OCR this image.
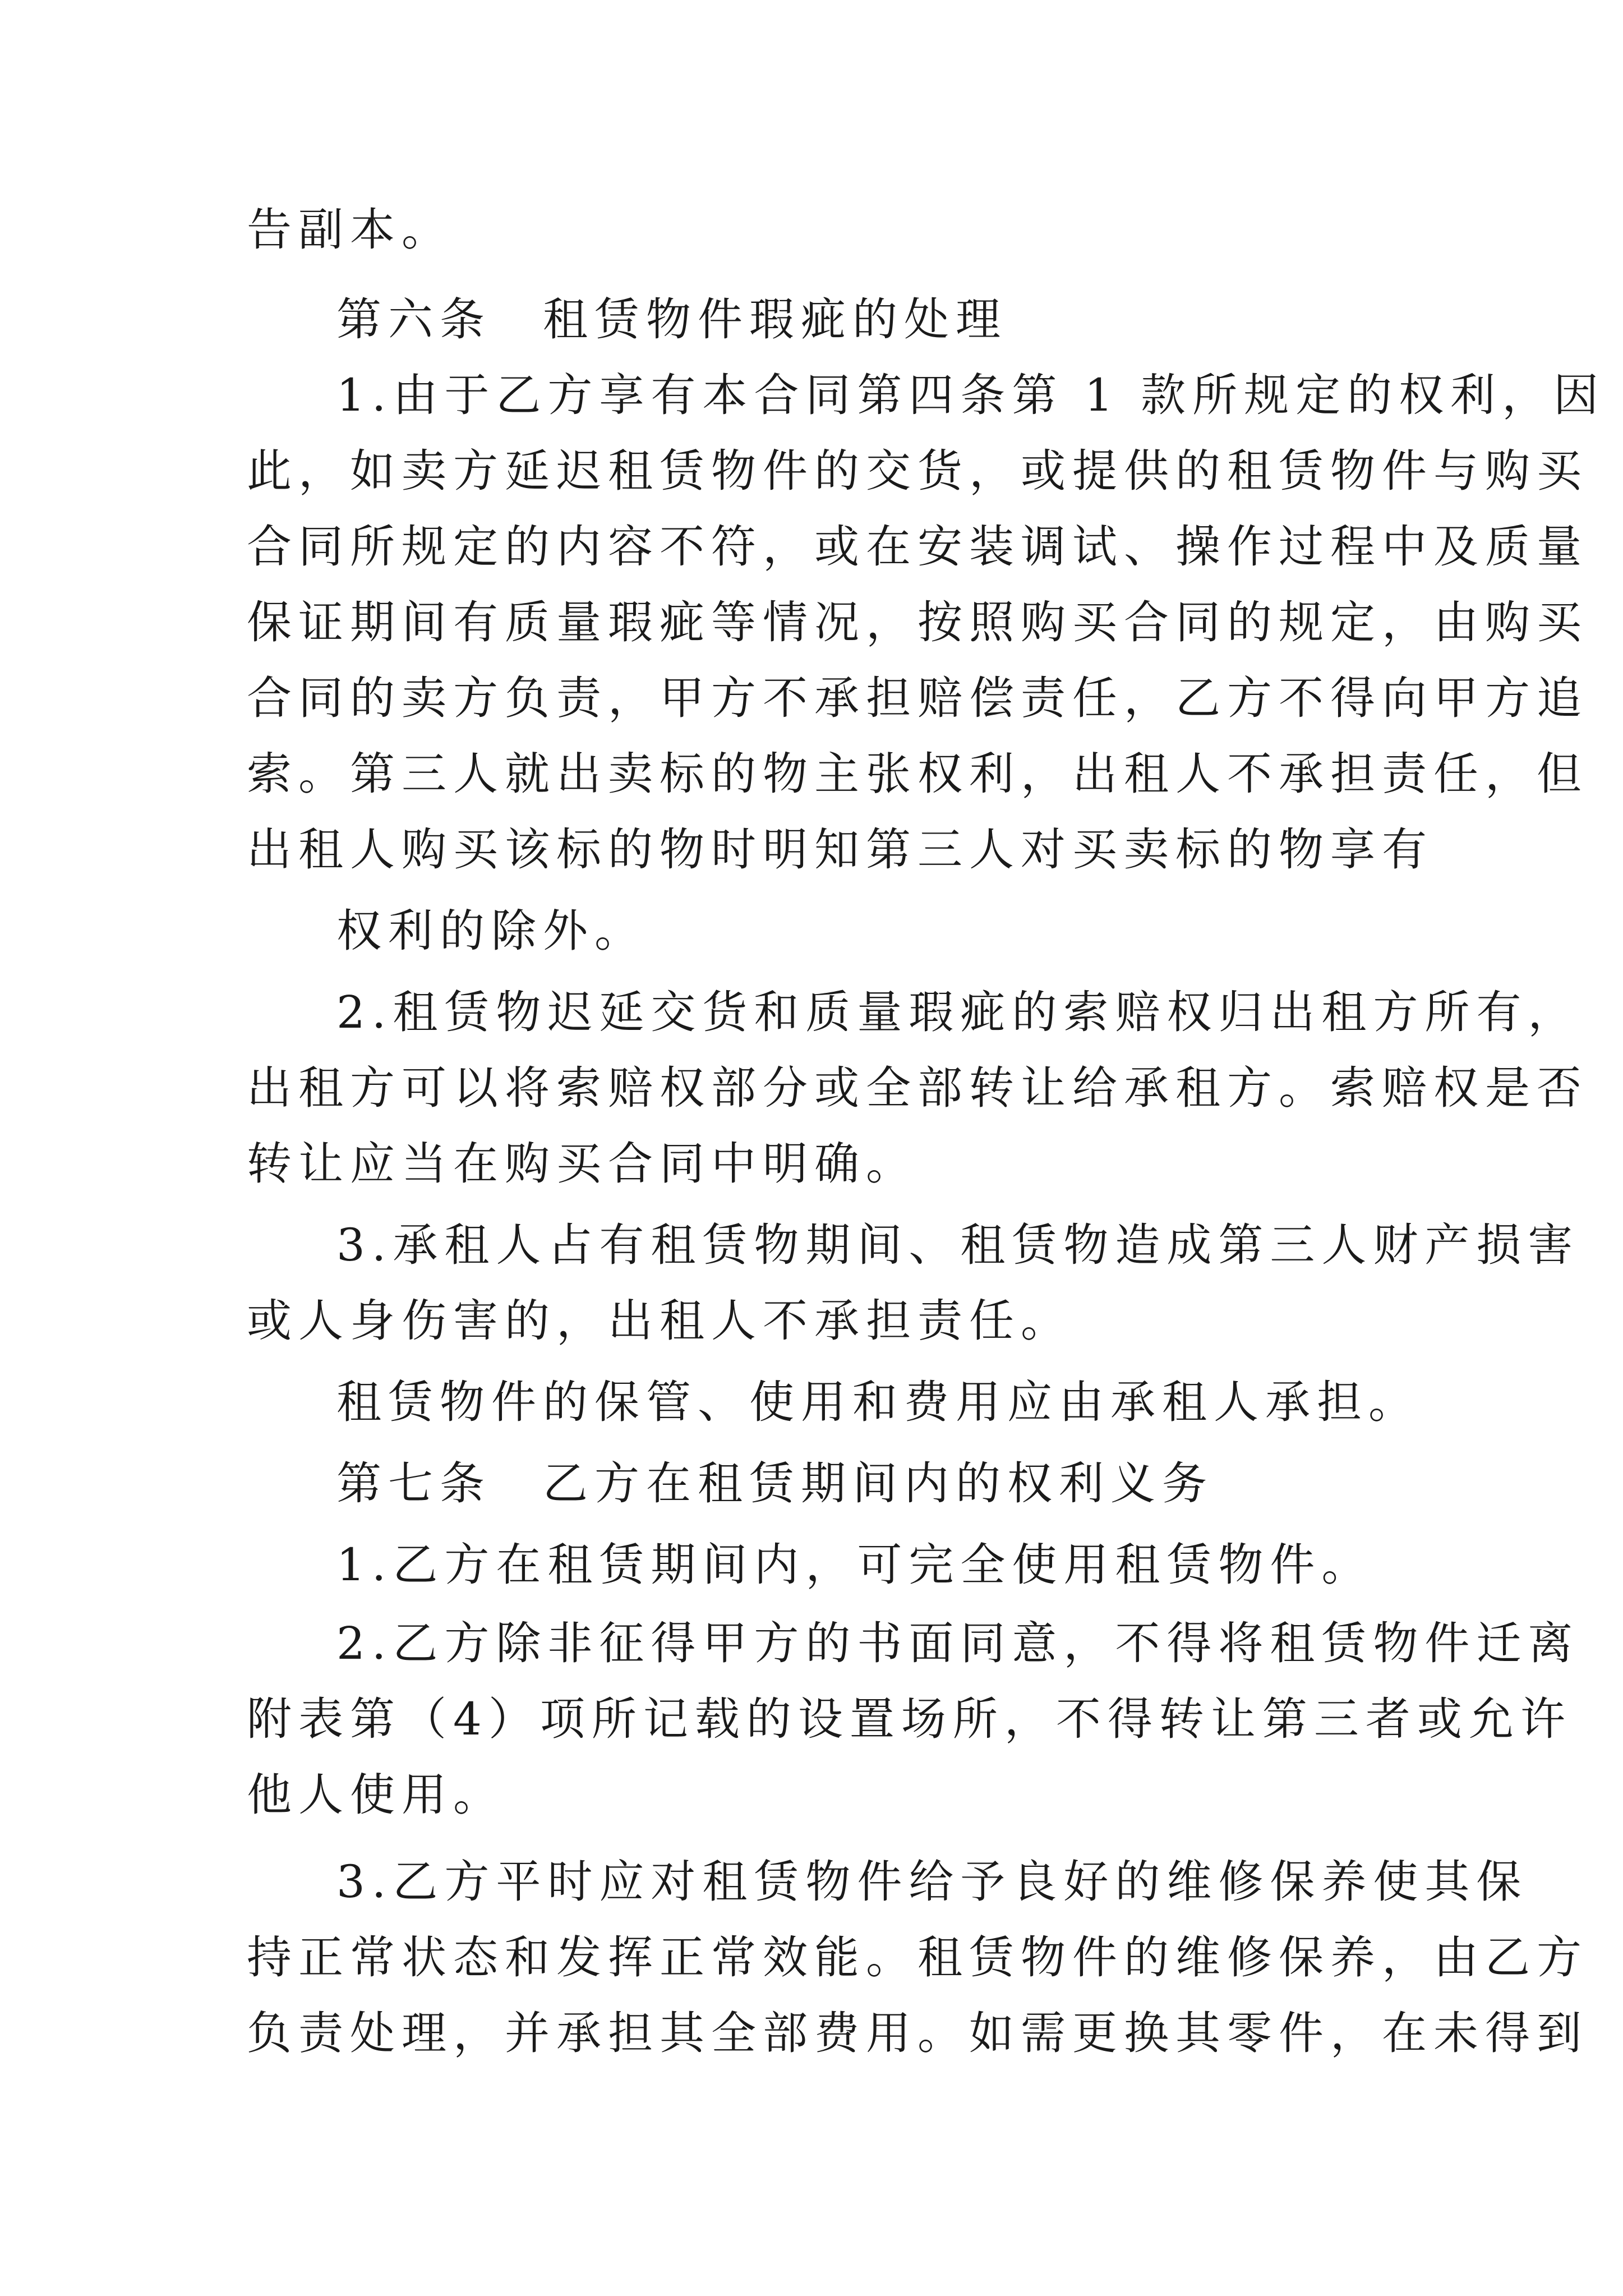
告副本。
第六条　租赁物件瑕疵的处理
1.由于乙方享有本合同第四条第 1 款所规定的权利，因
此，如卖方延迟租赁物件的交货，或提供的租赁物件与购买
合同所规定的内容不符，或在安装调试、操作过程中及质量
保证期间有质量瑕疵等情况，按照购买合同的规定，由购买
合同的卖方负责，甲方不承担赔偿责任，乙方不得向甲方追
索。第三人就出卖标的物主张权利，出租人不承担责任，但
出租人购买该标的物时明知第三人对买卖标的物享有
权利的除外。
2.租赁物迟延交货和质量瑕疵的索赔权归出租方所有，
出租方可以将索赔权部分或全部转让给承租方。索赔权是否
转让应当在购买合同中明确。
3.承租人占有租赁物期间、租赁物造成第三人财产损害
或人身伤害的，出租人不承担责任。
租赁物件的保管、使用和费用应由承租人承担。
第七条　乙方在租赁期间内的权利义务
1.乙方在租赁期间内，可完全使用租赁物件。
2.乙方除非征得甲方的书面同意，不得将租赁物件迁离
附表第（4）项所记载的设置场所，不得转让第三者或允许
他人使用。
3.乙方平时应对租赁物件给予良好的维修保养使其保
持正常状态和发挥正常效能。租赁物件的维修保养，由乙方
负责处理，并承担其全部费用。如需更换其零件，在未得到
